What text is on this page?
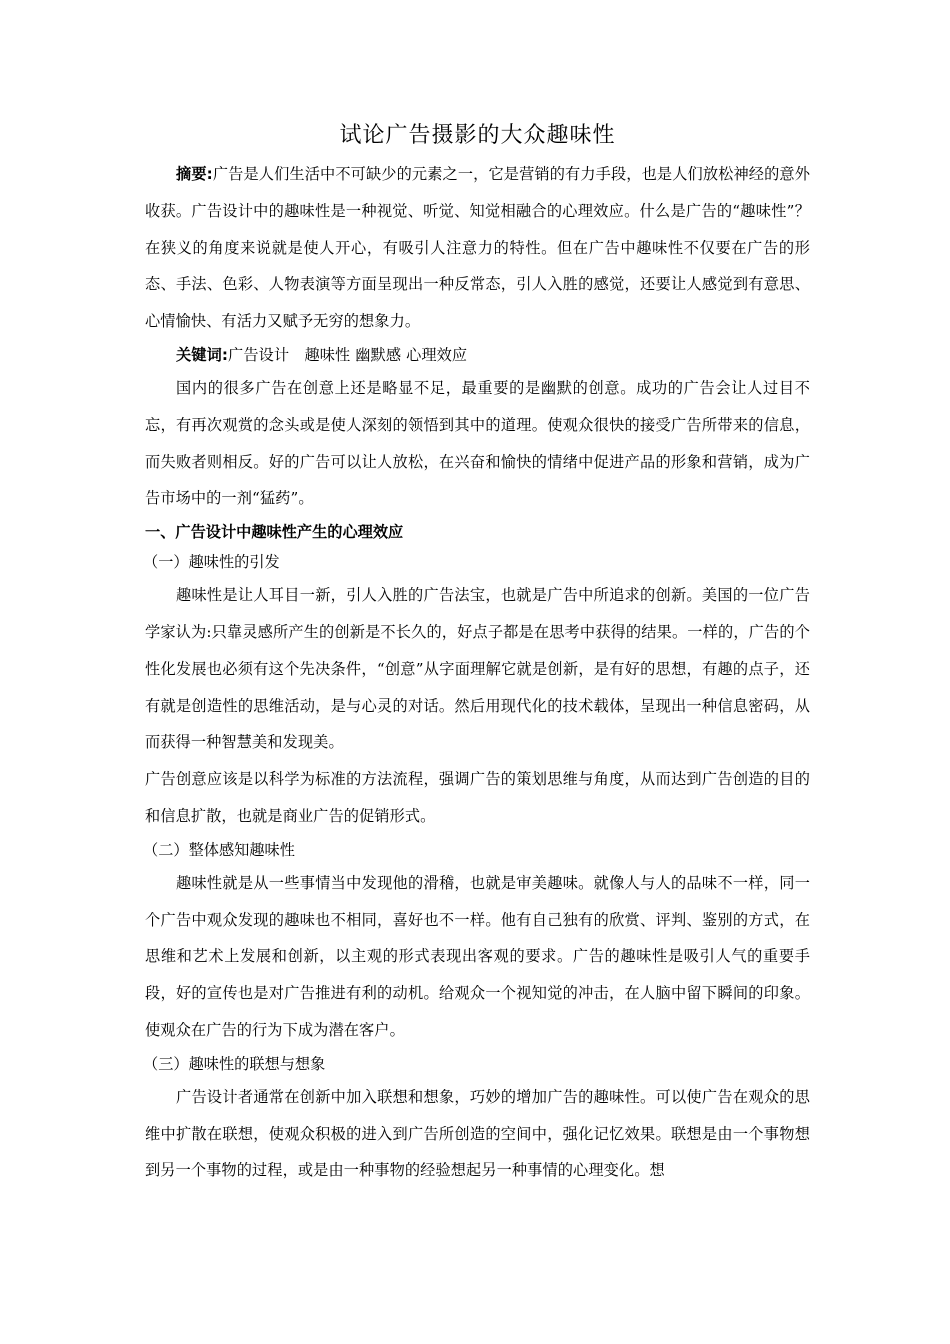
试论广告摄影的大众趣味性

摘要:广告是人们生活中不可缺少的元素之一，它是营销的有力手段，也是人们放松神经的意外收获。广告设计中的趣味性是一种视觉、听觉、知觉相融合的心理效应。什么是广告的“趣味性”？在狭义的角度来说就是使人开心，有吸引人注意力的特性。但在广告中趣味性不仅要在广告的形态、手法、色彩、人物表演等方面呈现出一种反常态，引人入胜的感觉，还要让人感觉到有意思、心情愉快、有活力又赋予无穷的想象力。

关键词:广告设计　趣味性 幽默感 心理效应

国内的很多广告在创意上还是略显不足，最重要的是幽默的创意。成功的广告会让人过目不忘，有再次观赏的念头或是使人深刻的领悟到其中的道理。使观众很快的接受广告所带来的信息，而失败者则相反。好的广告可以让人放松，在兴奋和愉快的情绪中促进产品的形象和营销，成为广告市场中的一剂“猛药”。

一、广告设计中趣味性产生的心理效应
（一）趣味性的引发

趣味性是让人耳目一新，引人入胜的广告法宝，也就是广告中所追求的创新。美国的一位广告学家认为:只靠灵感所产生的创新是不长久的，好点子都是在思考中获得的结果。一样的，广告的个性化发展也必须有这个先决条件，“创意”从字面理解它就是创新，是有好的思想，有趣的点子，还有就是创造性的思维活动，是与心灵的对话。然后用现代化的技术载体，呈现出一种信息密码，从而获得一种智慧美和发现美。

广告创意应该是以科学为标准的方法流程，强调广告的策划思维与角度，从而达到广告创造的目的和信息扩散，也就是商业广告的促销形式。

（二）整体感知趣味性

趣味性就是从一些事情当中发现他的滑稽，也就是审美趣味。就像人与人的品味不一样，同一个广告中观众发现的趣味也不相同，喜好也不一样。他有自己独有的欣赏、评判、鉴别的方式，在思维和艺术上发展和创新，以主观的形式表现出客观的要求。广告的趣味性是吸引人气的重要手段，好的宣传也是对广告推进有利的动机。给观众一个视知觉的冲击，在人脑中留下瞬间的印象。使观众在广告的行为下成为潜在客户。

（三）趣味性的联想与想象

广告设计者通常在创新中加入联想和想象，巧妙的增加广告的趣味性。可以使广告在观众的思维中扩散在联想，使观众积极的进入到广告所创造的空间中，强化记忆效果。联想是由一个事物想到另一个事物的过程，或是由一种事物的经验想起另一种事情的心理变化。想
